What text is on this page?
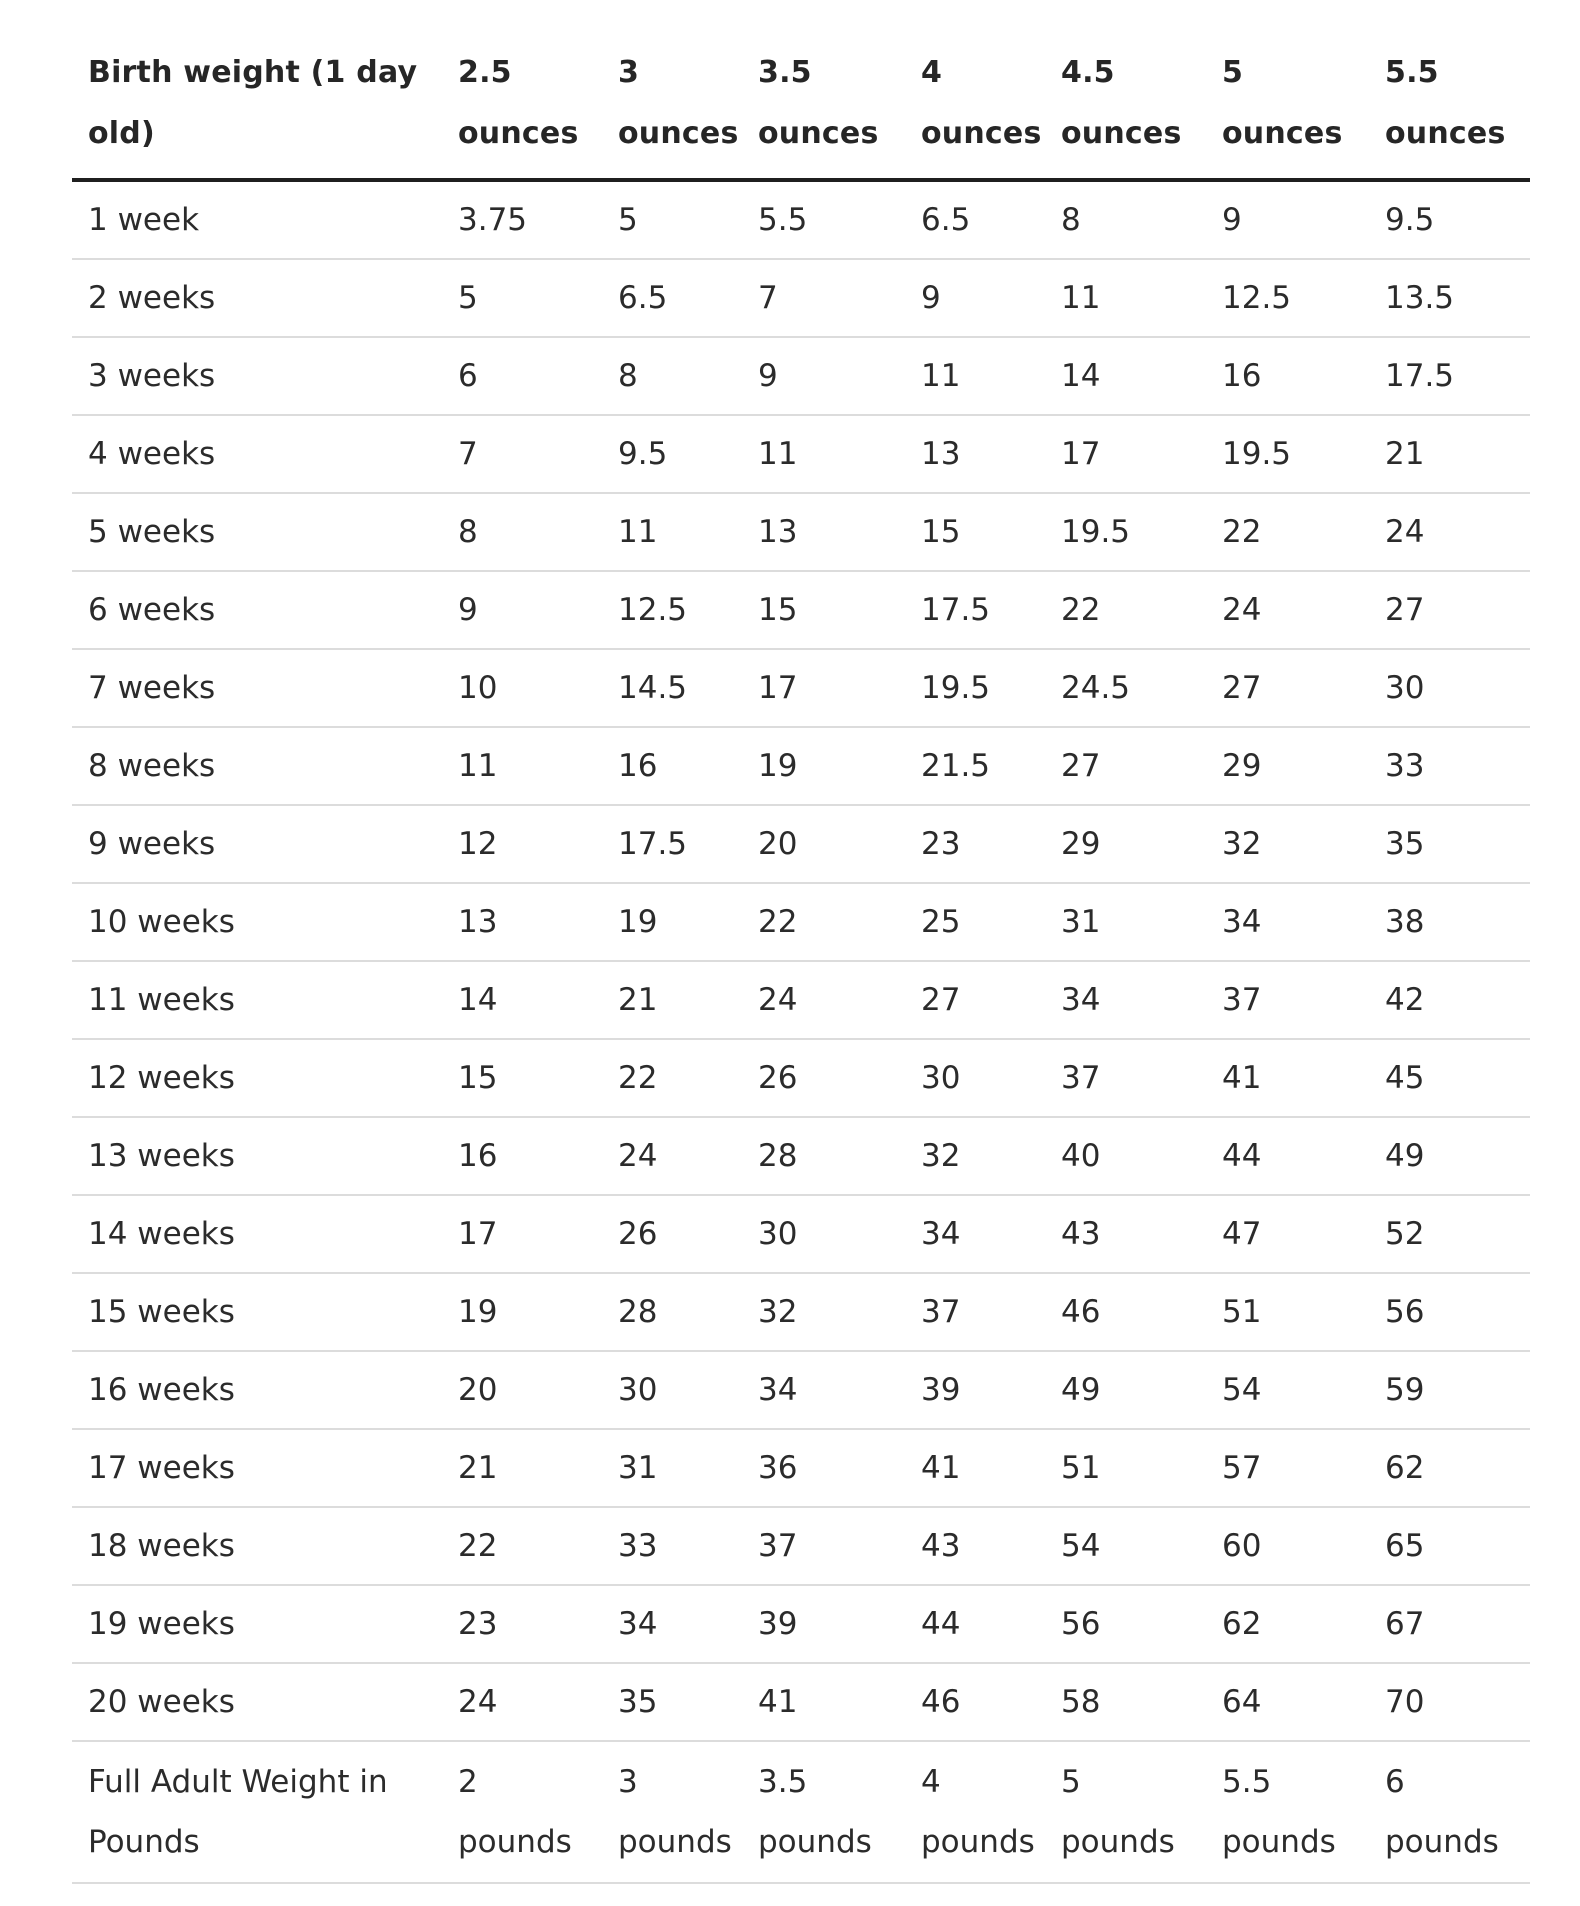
Birth weight (1 day old)	2.5 ounces	3 ounces	3.5 ounces	4 ounces	4.5 ounces	5 ounces	5.5 ounces
1 week	3.75	5	5.5	6.5	8	9	9.5
2 weeks	5	6.5	7	9	11	12.5	13.5
3 weeks	6	8	9	11	14	16	17.5
4 weeks	7	9.5	11	13	17	19.5	21
5 weeks	8	11	13	15	19.5	22	24
6 weeks	9	12.5	15	17.5	22	24	27
7 weeks	10	14.5	17	19.5	24.5	27	30
8 weeks	11	16	19	21.5	27	29	33
9 weeks	12	17.5	20	23	29	32	35
10 weeks	13	19	22	25	31	34	38
11 weeks	14	21	24	27	34	37	42
12 weeks	15	22	26	30	37	41	45
13 weeks	16	24	28	32	40	44	49
14 weeks	17	26	30	34	43	47	52
15 weeks	19	28	32	37	46	51	56
16 weeks	20	30	34	39	49	54	59
17 weeks	21	31	36	41	51	57	62
18 weeks	22	33	37	43	54	60	65
19 weeks	23	34	39	44	56	62	67
20 weeks	24	35	41	46	58	64	70
Full Adult Weight in Pounds	2 pounds	3 pounds	3.5 pounds	4 pounds	5 pounds	5.5 pounds	6 pounds
